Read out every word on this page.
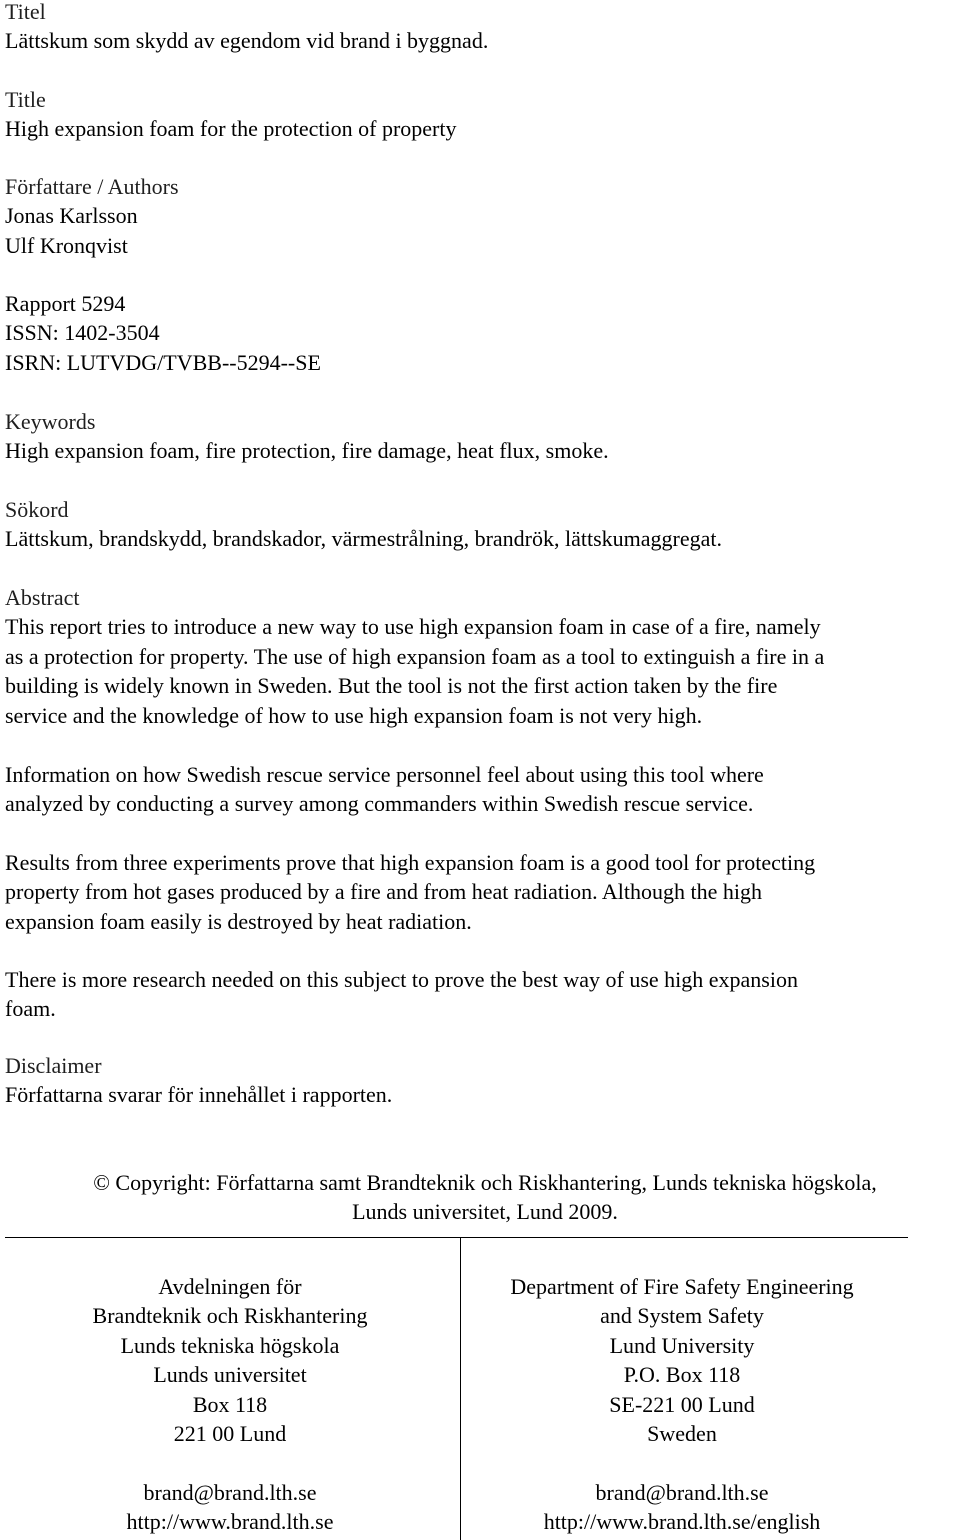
Titel
Lättskum som skydd av egendom vid brand i byggnad.
Title
High expansion foam for the protection of property
Författare / Authors
Jonas Karlsson
Ulf Kronqvist
Rapport 5294
ISSN: 1402-3504
ISRN: LUTVDG/TVBB--5294--SE
Keywords
High expansion foam, fire protection, fire damage, heat flux, smoke.
Sökord
Lättskum, brandskydd, brandskador, värmestrålning, brandrök, lättskumaggregat.
Abstract
This report tries to introduce a new way to use high expansion foam in case of a fire, namely
as a protection for property. The use of high expansion foam as a tool to extinguish a fire in a
building is widely known in Sweden. But the tool is not the first action taken by the fire
service and the knowledge of how to use high expansion foam is not very high.
Information on how Swedish rescue service personnel feel about using this tool where
analyzed by conducting a survey among commanders within Swedish rescue service.
Results from three experiments prove that high expansion foam is a good tool for protecting
property from hot gases produced by a fire and from heat radiation. Although the high
expansion foam easily is destroyed by heat radiation.
There is more research needed on this subject to prove the best way of use high expansion
foam.
Disclaimer
Författarna svarar för innehållet i rapporten.
© Copyright: Författarna samt Brandteknik och Riskhantering, Lunds tekniska högskola,
Lunds universitet, Lund 2009.
Avdelningen för
Brandteknik och Riskhantering
Lunds tekniska högskola
Lunds universitet
Box 118
221 00 Lund
brand@brand.lth.se
http://www.brand.lth.se
Department of Fire Safety Engineering
and System Safety
Lund University
P.O. Box 118
SE-221 00 Lund
Sweden
brand@brand.lth.se
http://www.brand.lth.se/english
